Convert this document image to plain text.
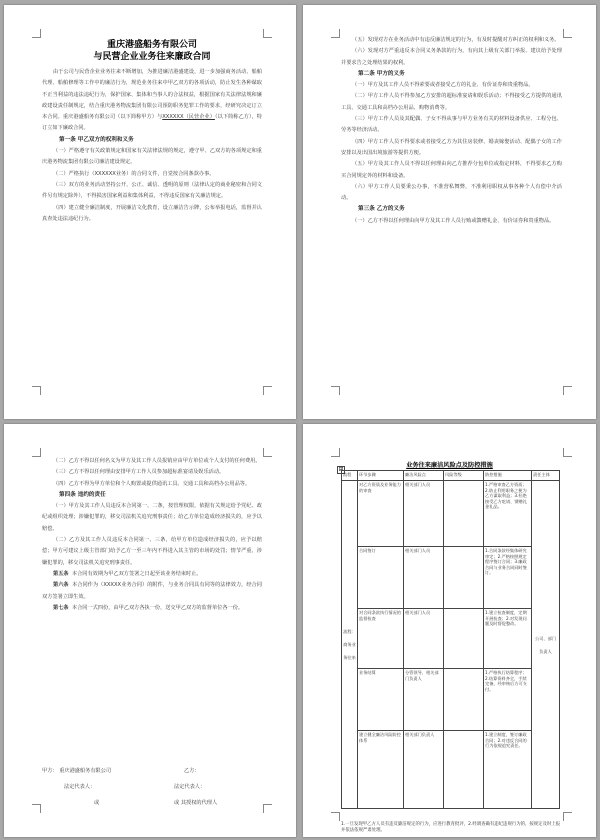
重庆港盛船务有限公司
与民营企业业务往来廉政合同

由于公司与民营企业业务往来不断增加，为推进廉洁港盛建设，进一步加强商务活动、船舶代理、船舶修理等工作中的廉洁行为，规范业务往来中甲乙双方的各项活动，防止发生各种谋取不正当利益的违法违纪行为，保护国家、集体和当事人的合法权益，根据国家有关法律法规和廉政建设责任制规定，结合重庆港务物流集团有限公司预防职务犯罪工作的要求，经研究决定订立本合同。重庆港盛船务有限公司（以下简称甲方）与XXXXXX（民营企业）（以下简称乙方），特订立如下廉政合同。

第一条 甲乙双方的权利和义务

（一）严格遵守有关政策规定和国家有关法律法规的规定，遵守甲、乙双方的各项规定和重庆港务物流集团有限公司廉洁建设规定。

（二）严格执行（XXXXXX业务）的合同文件，自觉按合同条款办事。

（三）双方的业务活动坚持公开、公正、诚信、透明的原则（法律认定的商业秘密和合同文件另有规定除外），不得损害国家利益和集体利益，不得违反国家有关廉洁规定。

（四）建立健全廉洁制度，开展廉洁文化教育，设立廉洁告示牌，公布举报电话，监督并认真查处违法违纪行为。

（五）发现对方在业务活动中有违反廉洁规定的行为，有及时提醒对方纠正的权利和义务。

（六）发现对方严重违反本合同义务条款的行为，有向其上级有关部门举报、建议给予处理并要求告之处理结果的权利。

第二条 甲方的义务

（一）甲方及其工作人员不得索要或者接受乙方的礼金、有价证券和贵重物品。

（二）甲方工作人员不得参加乙方安排的超标准宴请和娱乐活动；不得接受乙方提供的通讯工具、交通工具和高档办公用品、购物消费等。

（三）甲方工作人员及其配偶、子女不得从事与甲方业务有关的材料设备供应、工程分包、劳务等经济活动。

（四）甲方工作人员不得要求或者接受乙方为其住房装修、婚丧嫁娶活动、配偶子女的工作安排以及出国出境旅游等提供方便。

（五）甲方及其工作人员不得以任何理由向乙方推荐分包单位或指定材料，不得要求乙方购买合同规定外的材料和设备。

（六）甲方工作人员要秉公办事，不准营私舞弊，不准利用职权从事各种个人有偿中介活动。

第三条 乙方的义务

（一）乙方不得以任何理由向甲方及其工作人员行贿或馈赠礼金、有价证券和贵重物品。

（二）乙方不得以任何名义为甲方及其工作人员报销应由甲方单位或个人支付的任何费用。

（三）乙方不得以任何理由安排甲方工作人员参加超标准宴请及娱乐活动。

（四）乙方不得为甲方单位和个人购置或提供通讯工具、交通工具和高档办公用品等。

第四条 违约的责任

（一）甲方及其工作人员违反本合同第一、二条，按管理权限，依据有关规定给予党纪、政纪或组织处理；涉嫌犯罪的，移交司法机关追究刑事责任；给乙方单位造成经济损失的，应予以赔偿。

（二）乙方及其工作人员违反本合同第一、三条，给甲方单位造成经济损失的，应予以赔偿；甲方可建议上级主管部门给予乙方一至三年内不得进入其主管的市场的处罚；情节严重、涉嫌犯罪的，移交司法机关追究刑事责任。

第五条 本合同有效期为甲乙双方签署之日起至该业务结束时止。

第六条 本合同作为（XXXXX业务合同）的附件，与业务合同具有同等的法律效力，经合同双方签署立即生效。

第七条 本合同一式四份，由甲乙双方各执一份，送交甲乙双方的监督单位各一份。

甲方： 重庆港盛船务有限公司	乙方：
法定代表人：	法定代表人：
或	或 其授权的代理人
业务往来廉洁风险点及防控措施
⊞
流程	环节步骤	廉洁风险点	风险等级	防控措施	责任主体
流程：商务业务往来	对乙方资质及业务能力的审查	相关部门人员		1.严格审查乙方资质；2.防止利用职务之便为乙方谋取利益；3.杜绝接受乙方吃请、馈赠礼金礼品。	公司、部门负责人
	合同签订	相关部门人员		1.合同条款经集体研究审定；2.严格按照规定程序签订合同；3.廉政合同与业务合同同时签订。	
	对合同条款执行情况的监督检查	相关部门人员		1.建立检查制度，定期开展检查；2.对发现问题及时督促整改。	
	业务结算	分管领导、相关部门负责人		1.严格执行结算程序；2.结算资料齐全，手续完备，经审核后方可支付。	
	建立健全廉洁风险防控体系	相关部门负责人		1.建立制度，签订廉政合同；2.对违反合同的行为依规追究责任。	
1.一旦发现甲乙方人员有违反廉洁规定的行为，应进行教育批评，2.经调查确有违纪违规行为的，按规定及时上报并依法依规严肃处理。
